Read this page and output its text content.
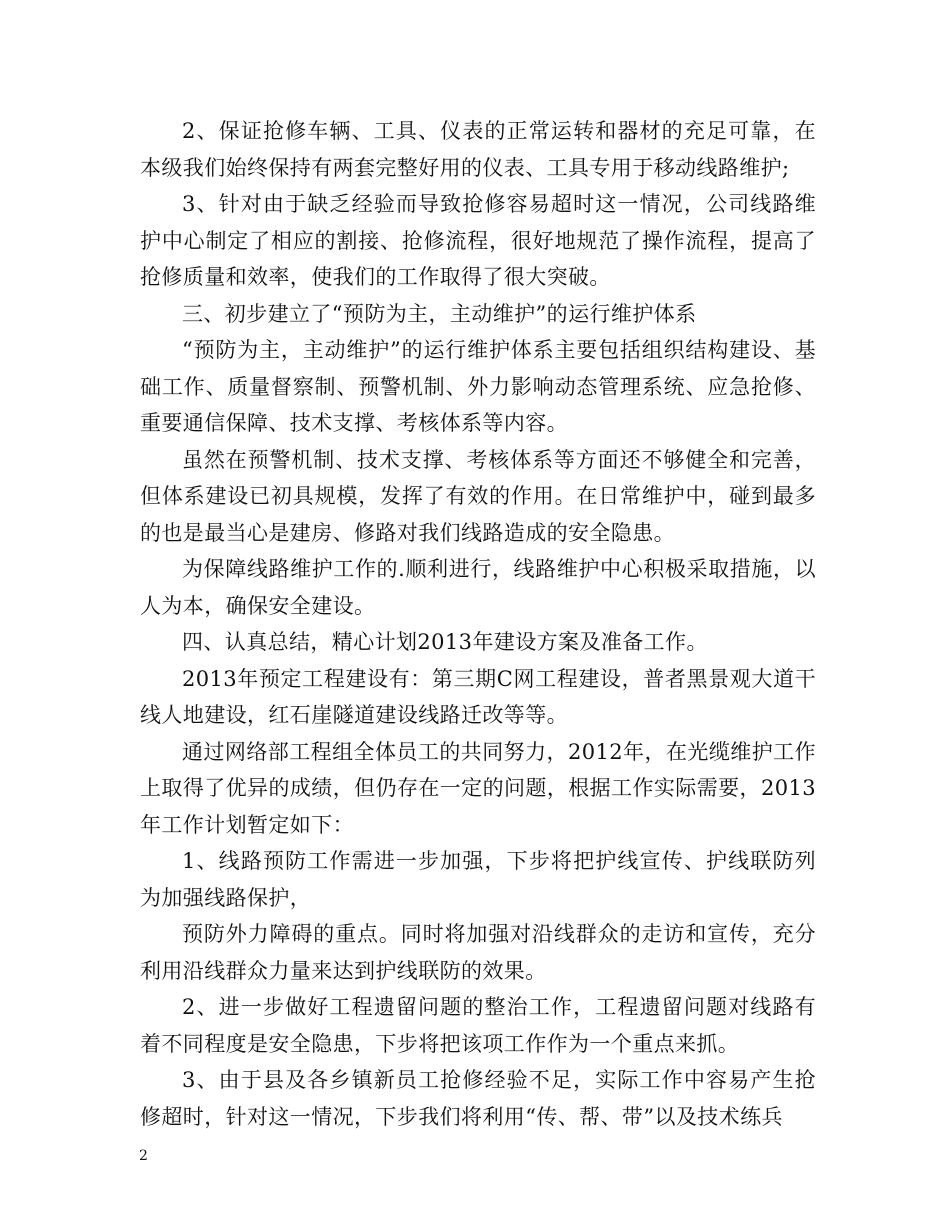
2、保证抢修车辆、工具、仪表的正常运转和器材的充足可靠，在本级我们始终保持有两套完整好用的仪表、工具专用于移动线路维护;

3、针对由于缺乏经验而导致抢修容易超时这一情况，公司线路维护中心制定了相应的割接、抢修流程，很好地规范了操作流程，提高了抢修质量和效率，使我们的工作取得了很大突破。

三、初步建立了“预防为主，主动维护”的运行维护体系

“预防为主，主动维护”的运行维护体系主要包括组织结构建设、基础工作、质量督察制、预警机制、外力影响动态管理系统、应急抢修、重要通信保障、技术支撑、考核体系等内容。

虽然在预警机制、技术支撑、考核体系等方面还不够健全和完善，但体系建设已初具规模，发挥了有效的作用。在日常维护中，碰到最多的也是最当心是建房、修路对我们线路造成的安全隐患。

为保障线路维护工作的.顺利进行，线路维护中心积极采取措施，以人为本，确保安全建设。

四、认真总结，精心计划2013年建设方案及准备工作。

2013年预定工程建设有：第三期C网工程建设，普者黑景观大道干线人地建设，红石崖隧道建设线路迁改等等。

通过网络部工程组全体员工的共同努力，2012年，在光缆维护工作上取得了优异的成绩，但仍存在一定的问题，根据工作实际需要，2013年工作计划暂定如下：

1、线路预防工作需进一步加强，下步将把护线宣传、护线联防列为加强线路保护，

预防外力障碍的重点。同时将加强对沿线群众的走访和宣传，充分利用沿线群众力量来达到护线联防的效果。

2、进一步做好工程遗留问题的整治工作，工程遗留问题对线路有着不同程度是安全隐患，下步将把该项工作作为一个重点来抓。

3、由于县及各乡镇新员工抢修经验不足，实际工作中容易产生抢修超时，针对这一情况，下步我们将利用“传、帮、带”以及技术练兵

2
